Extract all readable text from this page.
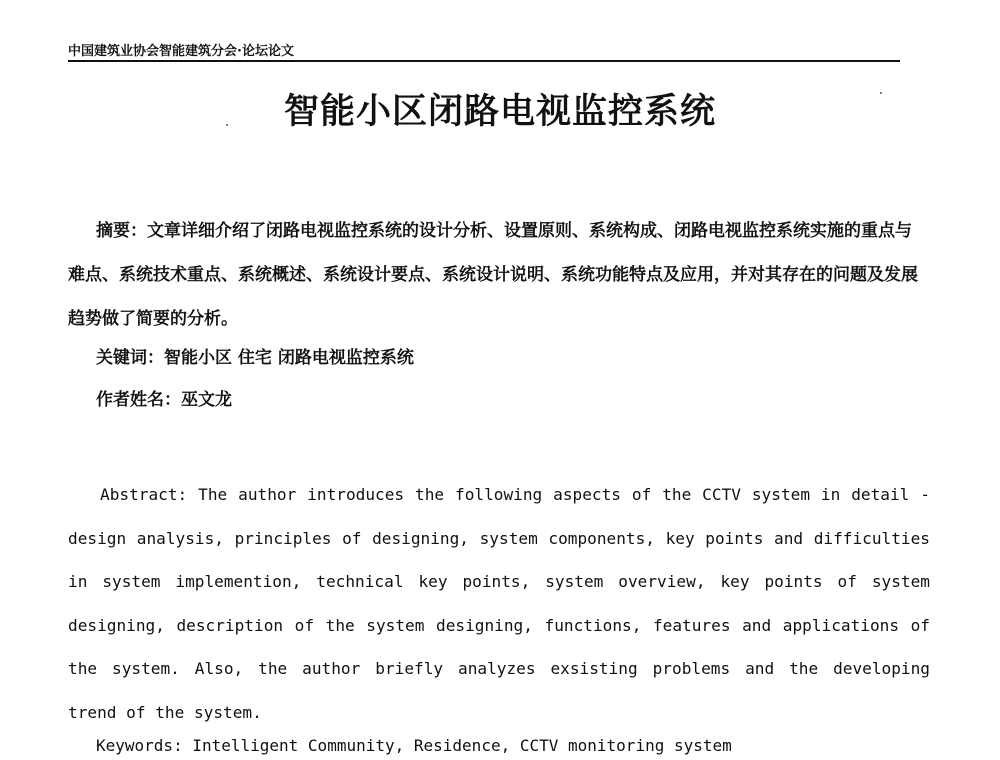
中国建筑业协会智能建筑分会·论坛论文
智能小区闭路电视监控系统

摘要：文章详细介绍了闭路电视监控系统的设计分析、设置原则、系统构成、闭路电视监控系统实施的重点与难点、系统技术重点、系统概述、系统设计要点、系统设计说明、系统功能特点及应用，并对其存在的问题及发展趋势做了简要的分析。

关键词：智能小区 住宅 闭路电视监控系统

作者姓名：巫文龙

Abstract: The author introduces the following aspects of the CCTV system in detail - design analysis, principles of designing, system components, key points and difficulties in system implemention, technical key points, system overview, key points of system designing, description of the system designing, functions, features and applications of the system. Also, the author briefly analyzes exsisting problems and the developing trend of the system.

Keywords: Intelligent Community, Residence, CCTV monitoring system
